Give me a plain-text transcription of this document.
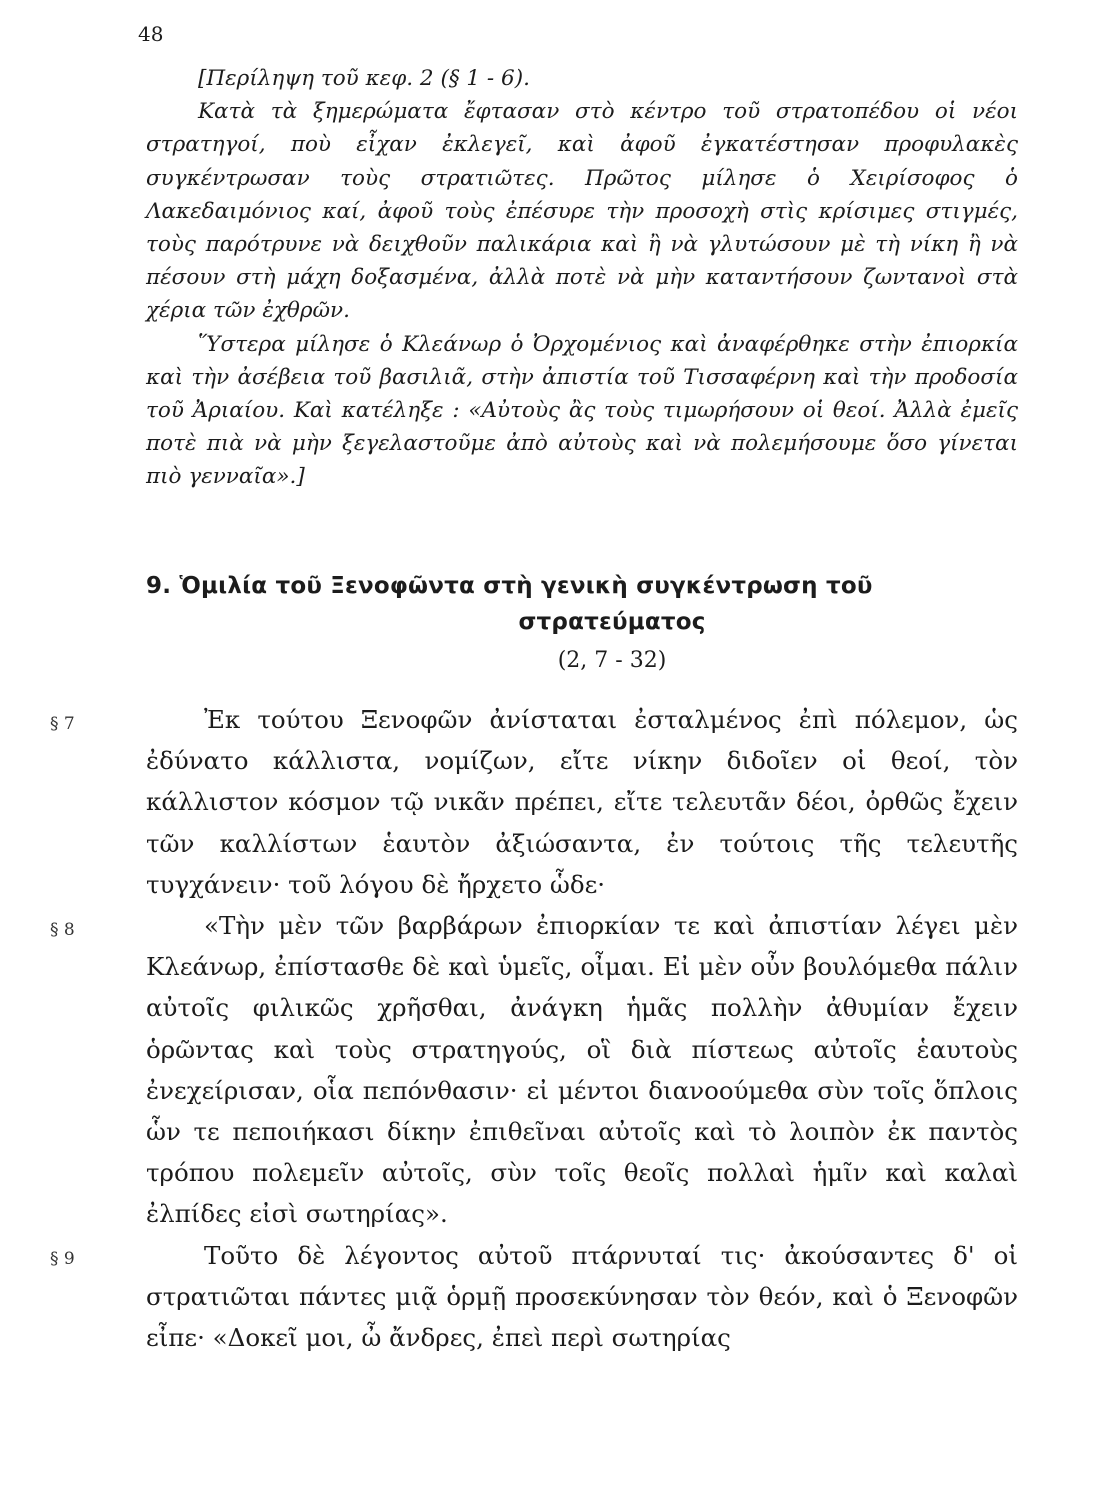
48

[Περίληψη τοῦ κεφ. 2 (§ 1 - 6).

Κατὰ τὰ ξημερώματα ἔφτασαν στὸ κέντρο τοῦ στρατοπέδου οἱ νέοι στρατηγοί, ποὺ εἶχαν ἐκλεγεῖ, καὶ ἀφοῦ ἐγκατέστησαν προφυλακὲς συγκέντρωσαν τοὺς στρατιῶτες. Πρῶτος μίλησε ὁ Χειρίσοφος ὁ Λακεδαιμόνιος καί, ἀφοῦ τοὺς ἐπέσυρε τὴν προσοχὴ στὶς κρίσιμες στιγμές, τοὺς παρότρυνε νὰ δειχθοῦν παλικάρια καὶ ἢ νὰ γλυτώσουν μὲ τὴ νίκη ἢ νὰ πέσουν στὴ μάχη δοξασμένα, ἀλλὰ ποτὲ νὰ μὴν καταντήσουν ζωντανοὶ στὰ χέρια τῶν ἐχθρῶν.

Ὕστερα μίλησε ὁ Κλεάνωρ ὁ Ὀρχομένιος καὶ ἀναφέρθηκε στὴν ἐπιορκία καὶ τὴν ἀσέβεια τοῦ βασιλιᾶ, στὴν ἀπιστία τοῦ Τισσαφέρνη καὶ τὴν προδοσία τοῦ Ἀριαίου. Καὶ κατέληξε : «Αὐτοὺς ἂς τοὺς τιμωρήσουν οἱ θεοί. Ἀλλὰ ἐμεῖς ποτὲ πιὰ νὰ μὴν ξεγελαστοῦμε ἀπὸ αὐτοὺς καὶ νὰ πολεμήσουμε ὅσο γίνεται πιὸ γενναῖα».]

9. Ὁμιλία τοῦ Ξενοφῶντα στὴ γενικὴ συγκέντρωση τοῦ
στρατεύματος
(2, 7 - 32)
§ 7
§ 8
§ 9

Ἐκ τούτου Ξενοφῶν ἀνίσταται ἐσταλμένος ἐπὶ πόλεμον, ὡς ἐδύνατο κάλλιστα, νομίζων, εἴτε νίκην διδοῖεν οἱ θεοί, τὸν κάλλιστον κόσμον τῷ νικᾶν πρέπει, εἴτε τελευτᾶν δέοι, ὀρθῶς ἔχειν τῶν καλλίστων ἑαυτὸν ἀξιώσαντα, ἐν τούτοις τῆς τελευτῆς τυγχάνειν· τοῦ λόγου δὲ ἤρχετο ὧδε·

«Τὴν μὲν τῶν βαρβάρων ἐπιορκίαν τε καὶ ἀπιστίαν λέγει μὲν Κλεάνωρ, ἐπίστασθε δὲ καὶ ὑμεῖς, οἶμαι. Εἰ μὲν οὖν βουλόμεθα πάλιν αὐτοῖς φιλικῶς χρῆσθαι, ἀνάγκη ἡμᾶς πολλὴν ἀθυμίαν ἔχειν ὁρῶντας καὶ τοὺς στρατηγούς, οἳ διὰ πίστεως αὐτοῖς ἑαυτοὺς ἐνεχείρισαν, οἷα πεπόνθασιν· εἰ μέντοι διανοούμεθα σὺν τοῖς ὅπλοις ὧν τε πεποιήκασι δίκην ἐπιθεῖναι αὐτοῖς καὶ τὸ λοιπὸν ἐκ παντὸς τρόπου πολεμεῖν αὐτοῖς, σὺν τοῖς θεοῖς πολλαὶ ἡμῖν καὶ καλαὶ ἐλπίδες εἰσὶ σωτηρίας».

Τοῦτο δὲ λέγοντος αὐτοῦ πτάρνυταί τις· ἀκούσαντες δ' οἱ στρατιῶται πάντες μιᾷ ὁρμῇ προσεκύνησαν τὸν θεόν, καὶ ὁ Ξενοφῶν εἶπε· «Δοκεῖ μοι, ὦ ἄνδρες, ἐπεὶ περὶ σωτηρίας
